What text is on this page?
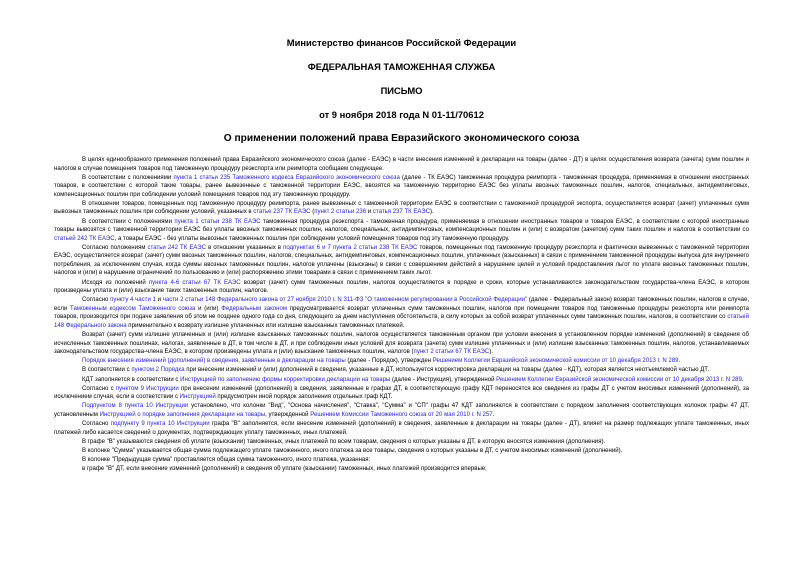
Министерство финансов Российской Федерации
ФЕДЕРАЛЬНАЯ ТАМОЖЕННАЯ СЛУЖБА
ПИСЬМО
от 9 ноября 2018 года N 01-11/70612
О применении положений права Евразийского экономического союза

В целях единообразного применения положений права Евразийского экономического союза (далее - ЕАЭС) в части внесения изменений в декларации на товары (далее - ДТ) в целях осуществления возврата (зачета) сумм пошлин и налогов в случае помещения товаров под таможенную процедуру реэкспорта или реимпорта сообщаем следующее.

В соответствии с положениями пункта 1 статьи 235 Таможенного кодекса Евразийского экономического союза (далее - ТК ЕАЭС) таможенная процедура реимпорта - таможенная процедура, применяемая в отношении иностранных товаров, в соответствии с которой такие товары, ранее вывезенные с таможенной территории ЕАЭС, ввозятся на таможенную территорию ЕАЭС без уплаты ввозных таможенных пошлин, налогов, специальных, антидемпинговых, компенсационных пошлин при соблюдении условий помещения товаров под эту таможенную процедуру.

В отношении товаров, помещенных под таможенную процедуру реимпорта, ранее вывезенных с таможенной территории ЕАЭС в соответствии с таможенной процедурой экспорта, осуществляется возврат (зачет) уплаченных сумм вывозных таможенных пошлин при соблюдении условий, указанных в статье 237 ТК ЕАЭС (пункт 2 статьи 236 и статья 237 ТК ЕАЭС).

В соответствии с положениями пункта 1 статьи 238 ТК ЕАЭС таможенная процедура реэкспорта - таможенная процедура, применяемая в отношении иностранных товаров и товаров ЕАЭС, в соответствии с которой иностранные товары вывозятся с таможенной территории ЕАЭС без уплаты ввозных таможенных пошлин, налогов, специальных, антидемпинговых, компенсационных пошлин и (или) с возвратом (зачетом) сумм таких пошлин и налогов в соответствии со статьей 242 ТК ЕАЭС, а товары ЕАЭС - без уплаты вывозных таможенных пошлин при соблюдении условий помещения товаров под эту таможенную процедуру.

Согласно положениям статьи 242 ТК ЕАЭС в отношении указанных в подпунктах 6 и 7 пункта 2 статьи 238 ТК ЕАЭС товаров, помещенных под таможенную процедуру реэкспорта и фактически вывезенных с таможенной территории ЕАЭС, осуществляется возврат (зачет) сумм ввозных таможенных пошлин, налогов, специальных, антидемпинговых, компенсационных пошлин, уплаченных (взысканных) в связи с применением таможенной процедуры выпуска для внутреннего потребления, за исключением случая, когда суммы ввозных таможенных пошлин, налогов уплачены (взысканы) в связи с совершением действий в нарушение целей и условий предоставления льгот по уплате ввозных таможенных пошлин, налогов и (или) в нарушение ограничений по пользованию и (или) распоряжению этими товарами в связи с применением таких льгот.

Исходя из положений пункта 4-6 статьи 67 ТК ЕАЭС возврат (зачет) сумм таможенных пошлин, налогов осуществляется в порядке и сроки, которые устанавливаются законодательством государства-члена ЕАЭС, в котором произведены уплата и (или) взыскание таких таможенных пошлин, налогов.

Согласно пункту 4 части 1 и части 2 статьи 148 Федерального закона от 27 ноября 2010 г. N 311-ФЗ "О таможенном регулировании в Российской Федерации" (далее - Федеральный закон) возврат таможенных пошлин, налогов в случае, если Таможенным кодексом Таможенного союза и (или) Федеральным законом предусматривается возврат уплаченных сумм таможенных пошлин, налогов при помещении товаров под таможенные процедуры реэкспорта или реимпорта товаров, производится при подаче заявления об этом не позднее одного года со дня, следующего за днем наступления обстоятельств, в силу которых за собой возврат уплаченных сумм таможенных пошлин, налогов, в соответствии со статьей 148 Федерального закона применительно к возврату излишне уплаченных или излишне взысканных таможенных платежей.

Возврат (зачет) сумм излишне уплаченных и (или) излишне взысканных таможенных пошлин, налогов осуществляется таможенным органом при условии внесения в установленном порядке изменений (дополнений) в сведения об исчисленных таможенных пошлинах, налогах, заявленные в ДТ, в том числе в ДТ, и при соблюдении иных условий для возврата (зачета) сумм излишне уплаченных и (или) излишне взысканных таможенных пошлин, налогов, устанавливаемых законодательством государства-члена ЕАЭС, в котором произведены уплата и (или) взыскание таможенных пошлин, налогов (пункт 2 статьи 67 ТК ЕАЭС).

Порядок внесения изменений (дополнений) в сведения, заявленные в декларации на товары (далее - Порядок), утвержден Решением Коллегии Евразийской экономической комиссии от 10 декабря 2013 г. N 289.

В соответствии с пунктом 2 Порядка при внесении изменений и (или) дополнений в сведения, указанные в ДТ, используется корректировка декларации на товары (далее - КДТ), которая является неотъемлемой частью ДТ.

КДТ заполняется в соответствии с Инструкцией по заполнению формы корректировки декларации на товары (далее - Инструкция), утвержденной Решением Коллегии Евразийской экономической комиссии от 10 декабря 2013 г. N 289.

Согласно с пунктом 9 Инструкции при внесении изменений (дополнений) в сведения, заявленные в графах ДТ, в соответствующую графу КДТ переносятся все сведения из графы ДТ с учетом вносимых изменений (дополнений), за исключением случая, если в соответствии с Инструкцией предусмотрен иной порядок заполнения отдельных граф КДТ.

Подпунктом 8 пункта 10 Инструкции установлено, что колонки "Вид", "Основа начисления", "Ставка", "Сумма" и "СП" графы 47 КДТ заполняются в соответствии с порядком заполнения соответствующих колонок графы 47 ДТ, установленным Инструкцией о порядке заполнения декларации на товары, утвержденной Решением Комиссии Таможенного союза от 20 мая 2010 г. N 257.

Согласно подпункту 9 пункта 10 Инструкции графа "В" заполняется, если внесение изменений (дополнений) в сведения, заявленные в декларации на товары (далее - ДТ), влияет на размер подлежащих уплате таможенных, иных платежей либо касается сведений о документах, подтверждающих уплату таможенных, иных платежей.

В графе "В" указываются сведения об уплате (взыскании) таможенных, иных платежей по всем товарам, сведения о которых указаны в ДТ, в которую вносятся изменения (дополнения).

В колонке "Сумма" указывается общая сумма подлежащего уплате таможенного, иного платежа за все товары, сведения о которых указаны в ДТ, с учетом вносимых изменений (дополнений).

В колонке "Предыдущая сумма" проставляется общая сумма таможенного, иного платежа, указанная:

в графе "В" ДТ, если внесение изменений (дополнений) в сведения об уплате (взыскании) таможенных, иных платежей производится впервые;
